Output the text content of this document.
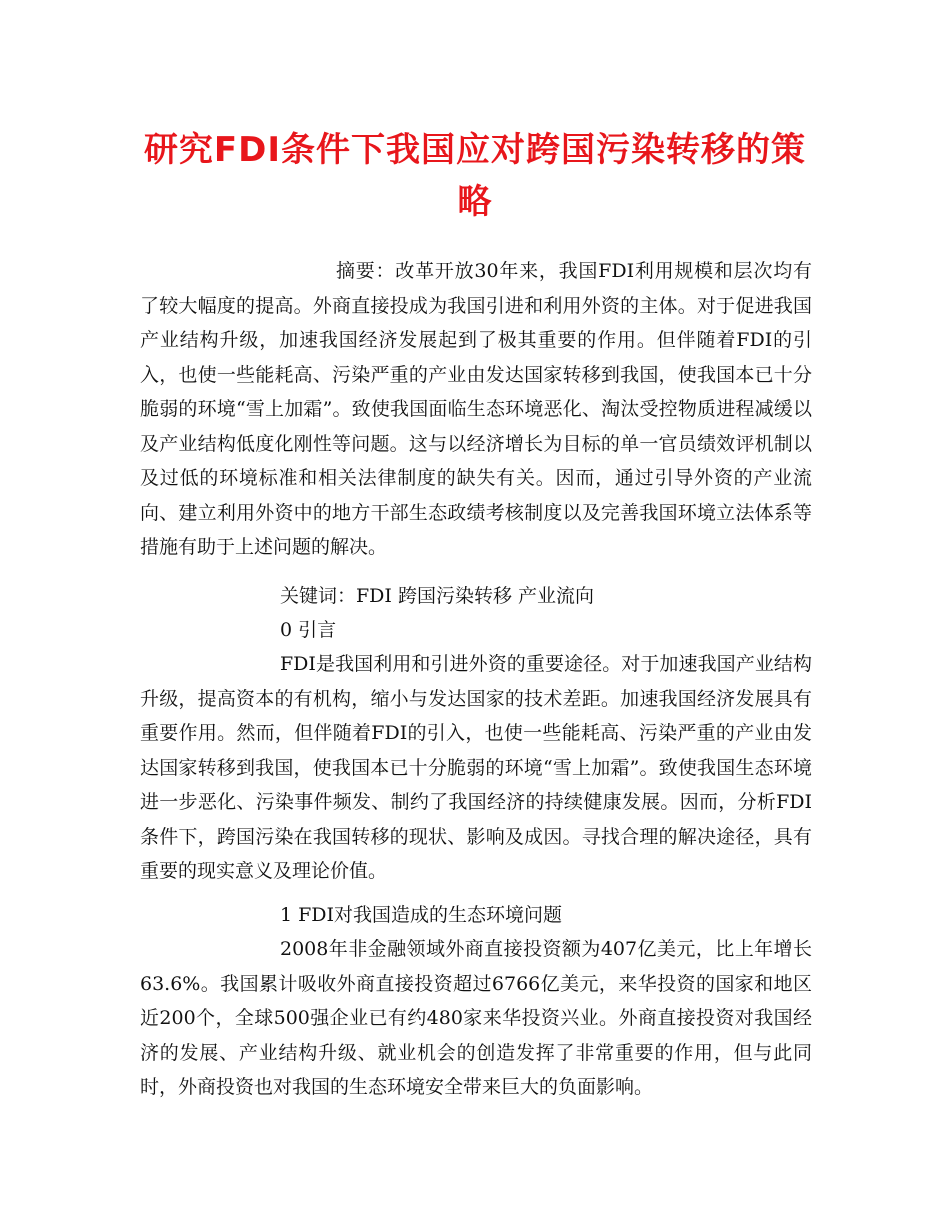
研究FDI条件下我国应对跨国污染转移的策略

摘要：改革开放30年来，我国FDI利用规模和层次均有了较大幅度的提高。外商直接投成为我国引进和利用外资的主体。对于促进我国产业结构升级，加速我国经济发展起到了极其重要的作用。但伴随着FDI的引入，也使一些能耗高、污染严重的产业由发达国家转移到我国，使我国本已十分脆弱的环境“雪上加霜”。致使我国面临生态环境恶化、淘汰受控物质进程减缓以及产业结构低度化刚性等问题。这与以经济增长为目标的单一官员绩效评机制以及过低的环境标准和相关法律制度的缺失有关。因而，通过引导外资的产业流向、建立利用外资中的地方干部生态政绩考核制度以及完善我国环境立法体系等措施有助于上述问题的解决。

关键词：FDI 跨国污染转移 产业流向

0 引言

FDI是我国利用和引进外资的重要途径。对于加速我国产业结构升级，提高资本的有机构，缩小与发达国家的技术差距。加速我国经济发展具有重要作用。然而，但伴随着FDI的引入，也使一些能耗高、污染严重的产业由发达国家转移到我国，使我国本已十分脆弱的环境“雪上加霜”。致使我国生态环境进一步恶化、污染事件频发、制约了我国经济的持续健康发展。因而，分析FDI条件下，跨国污染在我国转移的现状、影响及成因。寻找合理的解决途径，具有重要的现实意义及理论价值。

1 FDI对我国造成的生态环境问题

2008年非金融领域外商直接投资额为407亿美元，比上年增长63.6%。我国累计吸收外商直接投资超过6766亿美元，来华投资的国家和地区近200个，全球500强企业已有约480家来华投资兴业。外商直接投资对我国经济的发展、产业结构升级、就业机会的创造发挥了非常重要的作用，但与此同时，外商投资也对我国的生态环境安全带来巨大的负面影响。
